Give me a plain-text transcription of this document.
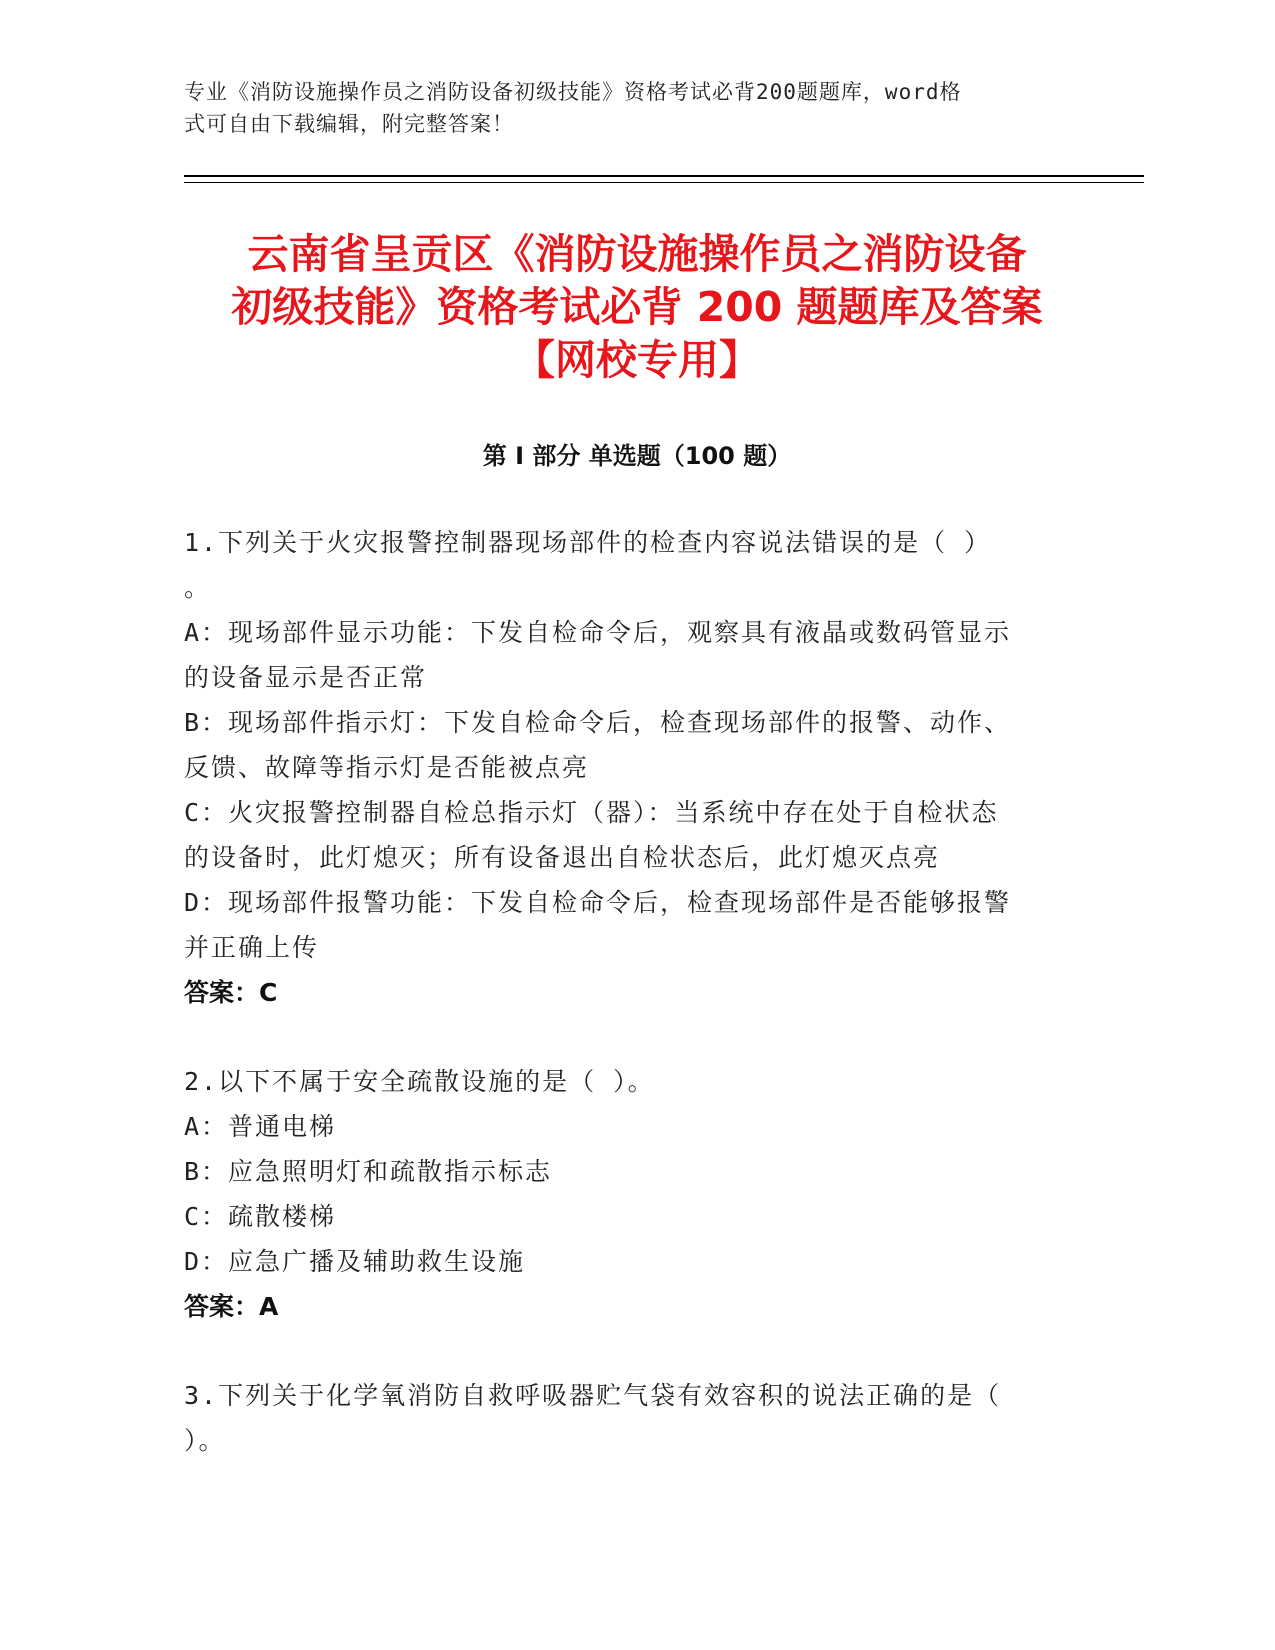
专业《消防设施操作员之消防设备初级技能》资格考试必背200题题库，word格
式可自由下载编辑，附完整答案！
云南省呈贡区《消防设施操作员之消防设备
初级技能》资格考试必背 200 题题库及答案
【网校专用】
第 I 部分 单选题（100 题）
1.下列关于火灾报警控制器现场部件的检查内容说法错误的是（ ）
。
A：现场部件显示功能：下发自检命令后，观察具有液晶或数码管显示
的设备显示是否正常
B：现场部件指示灯：下发自检命令后，检查现场部件的报警、动作、
反馈、故障等指示灯是否能被点亮
C：火灾报警控制器自检总指示灯（器）：当系统中存在处于自检状态
的设备时，此灯熄灭；所有设备退出自检状态后，此灯熄灭点亮
D：现场部件报警功能：下发自检命令后，检查现场部件是否能够报警
并正确上传
答案：C
2.以下不属于安全疏散设施的是（ ）。
A：普通电梯
B：应急照明灯和疏散指示标志
C：疏散楼梯
D：应急广播及辅助救生设施
答案：A
3.下列关于化学氧消防自救呼吸器贮气袋有效容积的说法正确的是（
）。
